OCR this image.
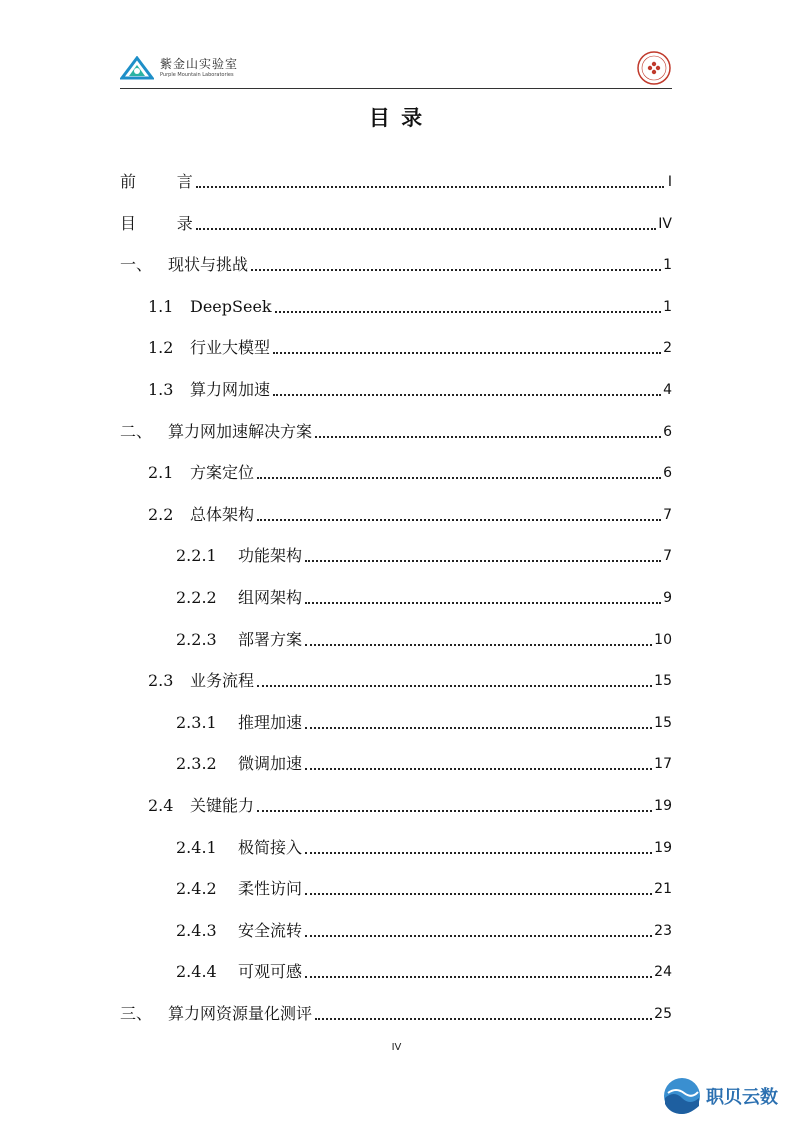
紫金山实验室
Purple Mountain Laboratories
目 录
前        言	I
目        录	IV
一、 现状与挑战	1
1.1	DeepSeek	1
1.2	行业大模型	2
1.3	算力网加速	4
二、 算力网加速解决方案	6
2.1	方案定位	6
2.2	总体架构	7
2.2.1	功能架构	7
2.2.2	组网架构	9
2.2.3	部署方案	10
2.3	业务流程	15
2.3.1	推理加速	15
2.3.2	微调加速	17
2.4	关键能力	19
2.4.1	极简接入	19
2.4.2	柔性访问	21
2.4.3	安全流转	23
2.4.4	可观可感	24
三、 算力网资源量化测评	25
IV
职贝云数
